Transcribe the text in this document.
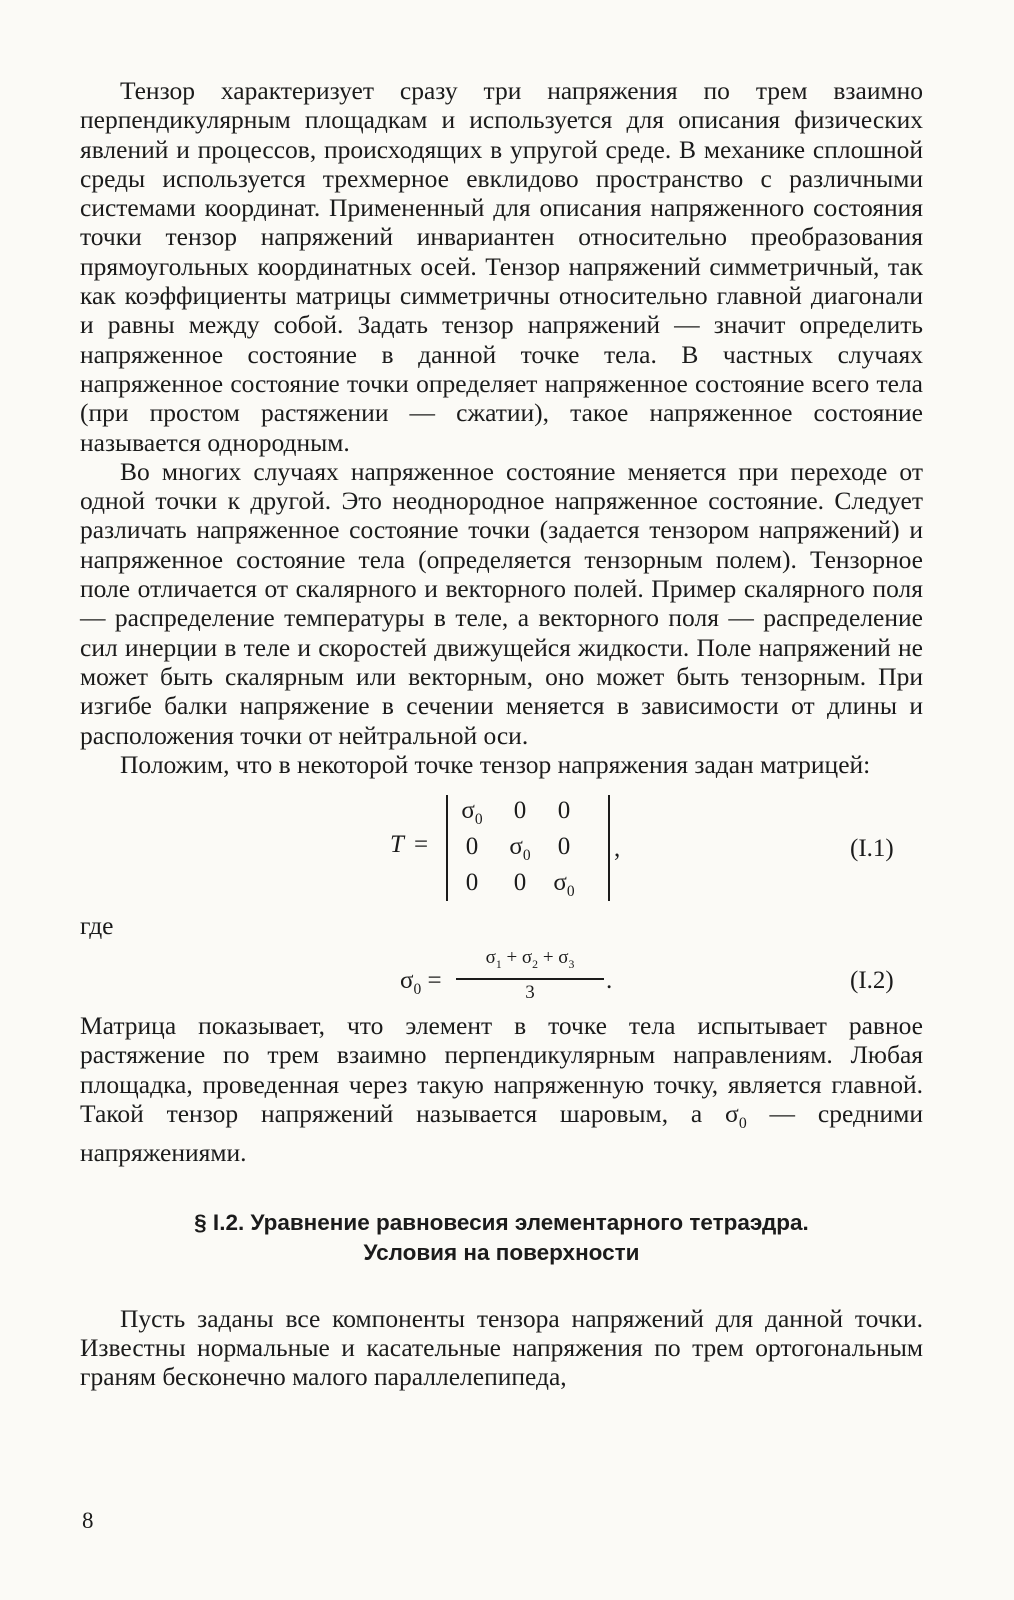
Тензор характеризует сразу три напряжения по трем взаимно перпендикулярным площадкам и используется для описания физических явлений и процессов, происходящих в упругой среде. В механике сплошной среды используется трехмерное евклидово пространство с различными системами координат. Примененный для описания напряженного состояния точки тензор напряжений инвариантен относительно преобразования прямоугольных координатных осей. Тензор напряжений симметричный, так как коэффициенты матрицы симметричны относительно главной диагонали и равны между собой. Задать тензор напряжений — значит определить напряженное состояние в данной точке тела. В частных случаях напряженное состояние точки определяет напряженное состояние всего тела (при простом растяжении — сжатии), такое напряженное состояние называется однородным.

Во многих случаях напряженное состояние меняется при переходе от одной точки к другой. Это неоднородное напряженное состояние. Следует различать напряженное состояние точки (задается тензором напряжений) и напряженное состояние тела (определяется тензорным полем). Тензорное поле отличается от скалярного и векторного полей. Пример скалярного поля — распределение температуры в теле, а векторного поля — распределение сил инерции в теле и скоростей движущейся жидкости. Поле напряжений не может быть скалярным или векторным, оно может быть тензорным. При изгибе балки напряжение в сечении меняется в зависимости от длины и расположения точки от нейтральной оси.

Положим, что в некоторой точке тензор напряжения задан матрицей:

T =
$\sigma_0$	0	0
0	$\sigma_0$	0
0	0	$\sigma_0$
,	(I.1)
где
$\sigma_0$ =
$\sigma_1 + \sigma_2 + \sigma_3$
3	.	(I.2)

Матрица показывает, что элемент в точке тела испытывает равное растяжение по трем взаимно перпендикулярным направлениям. Любая площадка, проведенная через такую напряженную точку, является главной. Такой тензор напряжений называется шаровым, а $\sigma_0$ — средними напряжениями.

§ I.2. Уравнение равновесия элементарного тетраэдра.
Условия на поверхности

Пусть заданы все компоненты тензора напряжений для данной точки. Известны нормальные и касательные напряжения по трем ортогональным граням бесконечно малого параллелепипеда,

8
